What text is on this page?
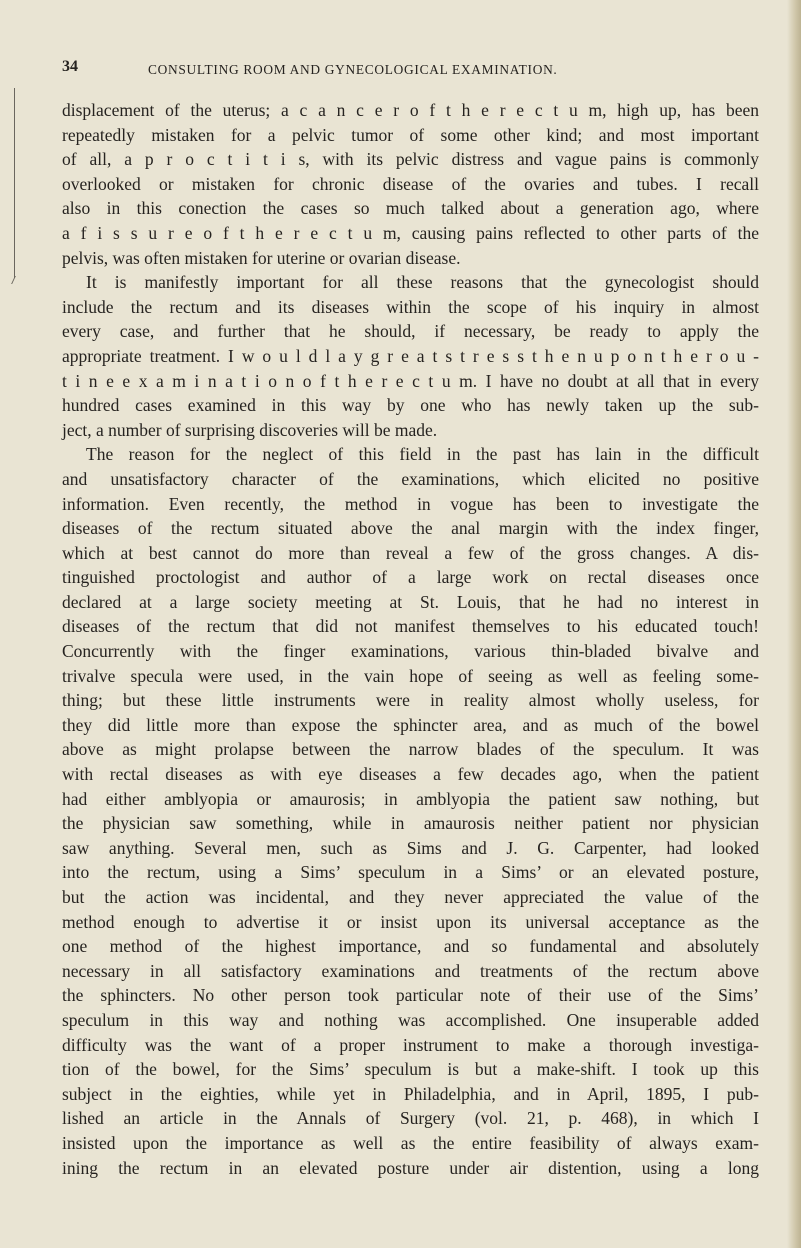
34	CONSULTING ROOM AND GYNECOLOGICAL EXAMINATION.
displacement of the uterus; a c a n c e r o f t h e r e c t u m, high up, has been
repeatedly mistaken for a pelvic tumor of some other kind; and most important
of all, a p r o c t i t i s, with its pelvic distress and vague pains is commonly
overlooked or mistaken for chronic disease of the ovaries and tubes. I recall
also in this conection the cases so much talked about a generation ago, where
a f i s s u r e o f t h e r e c t u m, causing pains reflected to other parts of the
pelvis, was often mistaken for uterine or ovarian disease.
It is manifestly important for all these reasons that the gynecologist should
include the rectum and its diseases within the scope of his inquiry in almost
every case, and further that he should, if necessary, be ready to apply the
appropriate treatment. I w o u l d l a y g r e a t s t r e s s t h e n u p o n t h e r o u -
t i n e e x a m i n a t i o n o f t h e r e c t u m. I have no doubt at all that in every
hundred cases examined in this way by one who has newly taken up the sub-
ject, a number of surprising discoveries will be made.
The reason for the neglect of this field in the past has lain in the difficult
and unsatisfactory character of the examinations, which elicited no positive
information. Even recently, the method in vogue has been to investigate the
diseases of the rectum situated above the anal margin with the index finger,
which at best cannot do more than reveal a few of the gross changes. A dis-
tinguished proctologist and author of a large work on rectal diseases once
declared at a large society meeting at St. Louis, that he had no interest in
diseases of the rectum that did not manifest themselves to his educated touch!
Concurrently with the finger examinations, various thin-bladed bivalve and
trivalve specula were used, in the vain hope of seeing as well as feeling some-
thing; but these little instruments were in reality almost wholly useless, for
they did little more than expose the sphincter area, and as much of the bowel
above as might prolapse between the narrow blades of the speculum. It was
with rectal diseases as with eye diseases a few decades ago, when the patient
had either amblyopia or amaurosis; in amblyopia the patient saw nothing, but
the physician saw something, while in amaurosis neither patient nor physician
saw anything. Several men, such as Sims and J. G. Carpenter, had looked
into the rectum, using a Sims’ speculum in a Sims’ or an elevated posture,
but the action was incidental, and they never appreciated the value of the
method enough to advertise it or insist upon its universal acceptance as the
one method of the highest importance, and so fundamental and absolutely
necessary in all satisfactory examinations and treatments of the rectum above
the sphincters. No other person took particular note of their use of the Sims’
speculum in this way and nothing was accomplished. One insuperable added
difficulty was the want of a proper instrument to make a thorough investiga-
tion of the bowel, for the Sims’ speculum is but a make-shift. I took up this
subject in the eighties, while yet in Philadelphia, and in April, 1895, I pub-
lished an article in the Annals of Surgery (vol. 21, p. 468), in which I
insisted upon the importance as well as the entire feasibility of always exam-
ining the rectum in an elevated posture under air distention, using a long
